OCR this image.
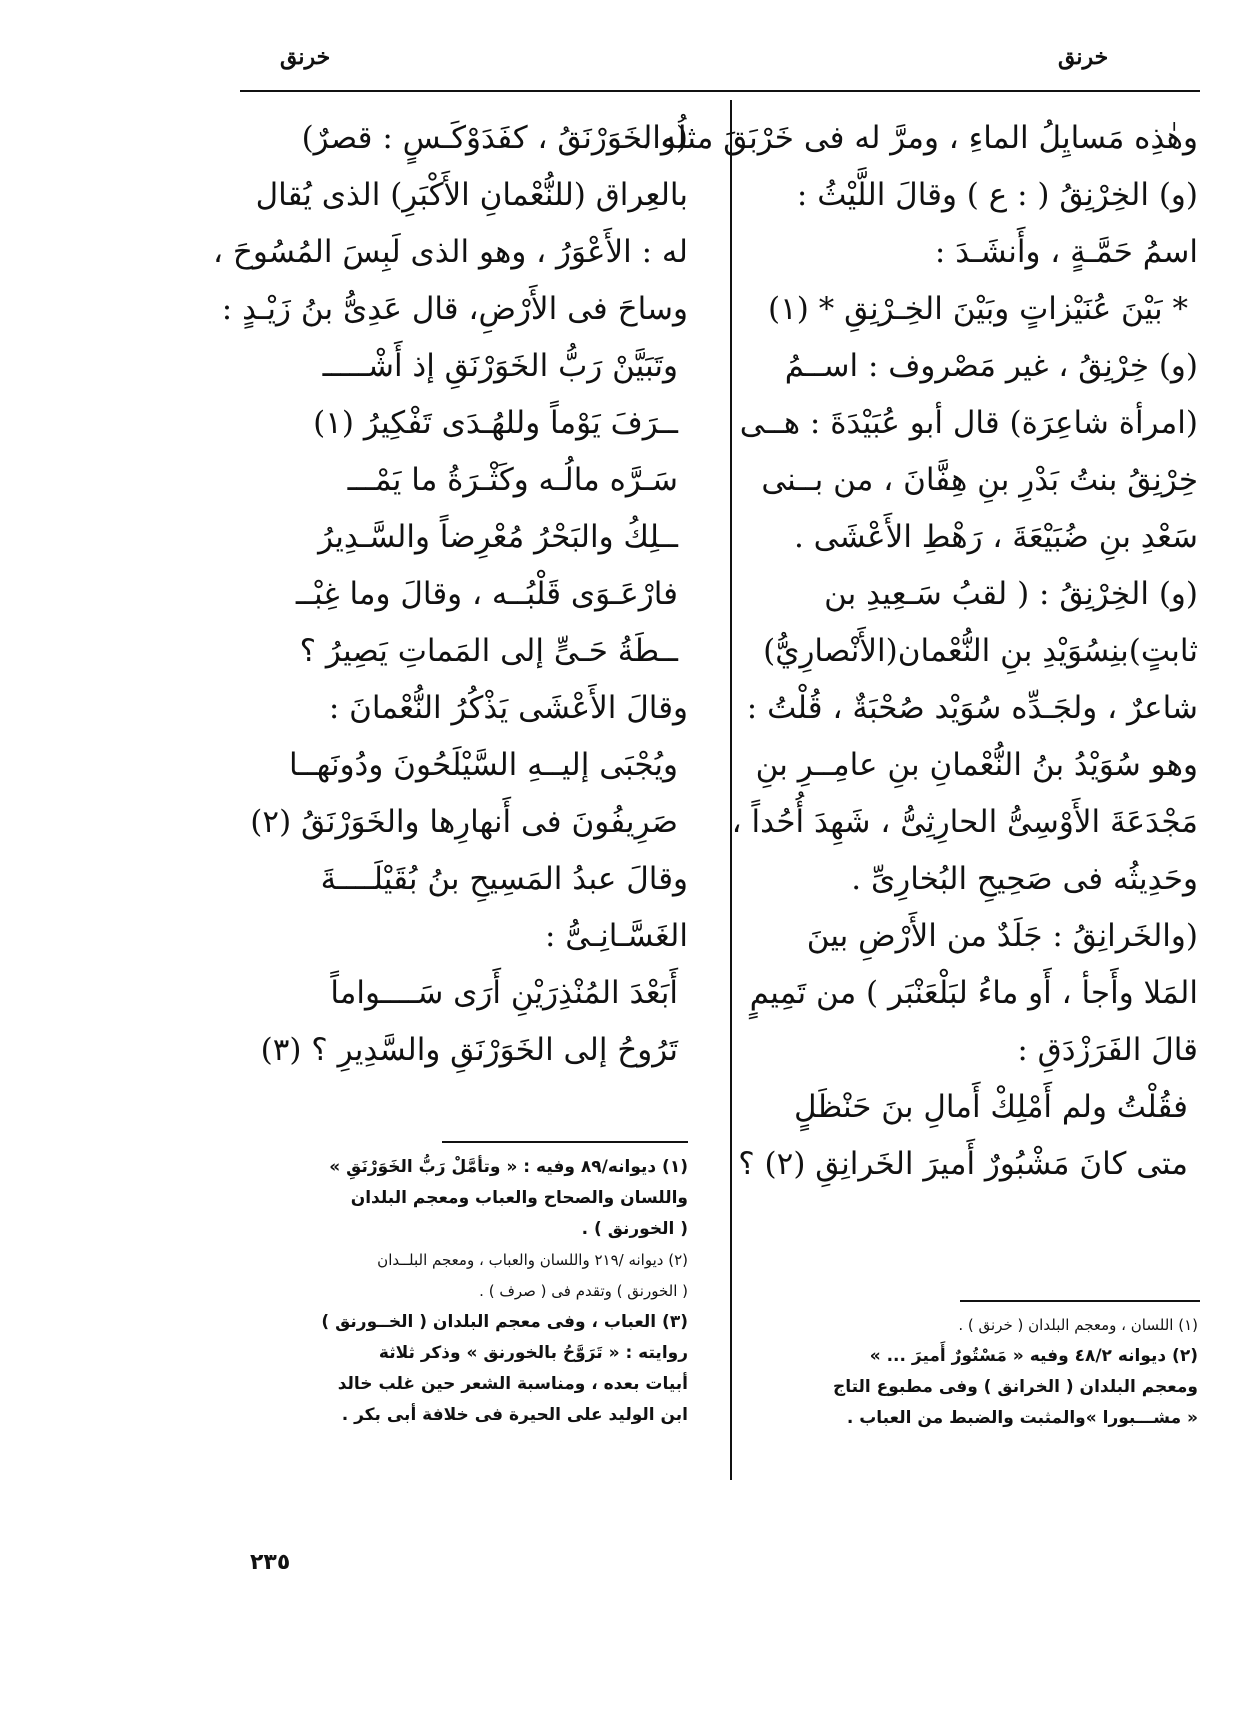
خرنق	خرنق
وهٰذِه مَسايِلُ الماءِ ، ومرَّ له فى خَرْبَقَ مثلُه .
(و) الخِرْنِقُ ( : ع ) وقالَ اللَّيْثُ :
اسمُ حَمَّـةٍ ، وأَنشَـدَ :
* بَيْنَ عُنَيْزاتٍ وبَيْنَ الخِـرْنِقِ * (١)
(و) خِرْنِقُ ، غير مَصْروف : اســمُ
(امرأة شاعِرَة) قال أبو عُبَيْدَةَ : هــى
خِرْنِقُ بنتُ بَدْرِ بنِ هِفَّانَ ، من بــنى
سَعْدِ بنِ ضُبَيْعَةَ ، رَهْطِ الأَعْشَى .
(و) الخِرْنِقُ : ( لقبُ سَـعِيدِ بن
ثابتٍ)بنِسُوَيْدِ بنِ النُّعْمان(الأَنْصارِيُّ)
شاعرٌ ، ولجَـدِّه سُوَيْد صُحْبَةٌ ، قُلْتُ :
وهو سُوَيْدُ بنُ النُّعْمانِ بنِ عامِــرِ بنِ
مَجْدَعَةَ الأَوْسِىُّ الحارِثِىُّ ، شَهِدَ أُحُداً ،
وحَدِيثُه فى صَحِيحِ البُخارِىِّ .
(والخَرانِقُ : جَلَدٌ من الأَرْضِ بينَ
المَلا وأَجأ ، أَو ماءُ لبَلْعَنْبَر ) من تَمِيمٍ
قالَ الفَرَزْدَقِ :
فقُلْتُ ولم أَمْلِكْ أَمالِ بنَ حَنْظَلٍ
متى كانَ مَشْبُورٌ أَميرَ الخَرانِقِ (٢) ؟
(والخَوَرْنَقُ ، كفَدَوْكَـسٍ : قصرٌ)
بالعِراق (للنُّعْمانِ الأَكْبَرِ) الذى يُقال
له : الأَعْوَرُ ، وهو الذى لَبِسَ المُسُوحَ ،
وساحَ فى الأَرْضِ، قال عَدِىُّ بنُ زَيْـدٍ :
وتَبَيَّنْ رَبُّ الخَوَرْنَقِ إذ أَشْـــــ
ــرَفَ يَوْماً وللهُـدَى تَفْكِيرُ (١)
سَـرَّه مالُـه وكَثْـرَةُ ما يَمْـــ
ــلِكُ والبَحْرُ مُعْرِضاً والسَّـدِيرُ
فارْعَـوَى قَلْبُــه ، وقالَ وما غِبْــ
ــطَةُ حَـىٍّ إلى المَماتِ يَصِيرُ ؟
وقالَ الأَعْشَى يَذْكُرُ النُّعْمانَ :
ويُجْبَى إليــهِ السَّيْلَحُونَ ودُونَهــا
صَرِيفُونَ فى أَنهارِها والخَوَرْنَقُ (٢)
وقالَ عبدُ المَسِيحِ بنُ بُقَيْلَــــةَ
الغَسَّـانِـىُّ :
أَبَعْدَ المُنْذِرَيْنِ أَرَى سَــــواماً
تَرُوحُ إلى الخَوَرْنَقِ والسَّدِيرِ ؟ (٣)
(١) ديوانه/٨٩ وفيه : « وتأمَّلْ رَبُّ الخَوَرْنَقِ »
واللسان والصحاح والعباب ومعجم البلدان
( الخورنق ) .
(٢) ديوانه /٢١٩ واللسان والعباب ، ومعجم البلــدان
( الخورنق ) وتقدم فى ( صرف ) .
(٣) العباب ، وفى معجم البلدان ( الخــورنق )
روايته : « تَرَوَّحُ بالخورنق » وذكر ثلاثة
أبيات بعده ، ومناسبة الشعر حين غلب خالد
ابن الوليد على الحيرة فى خلافة أبى بكر .
(١) اللسان ، ومعجم البلدان ( خرنق ) .
(٢) ديوانه ٤٨/٢ وفيه « مَسْتُورٌ أَميرَ ... »
ومعجم البلدان ( الخرانق ) وفى مطبوع التاج
« مشـــبورا »والمثبت والضبط من العباب .
٢٣٥
